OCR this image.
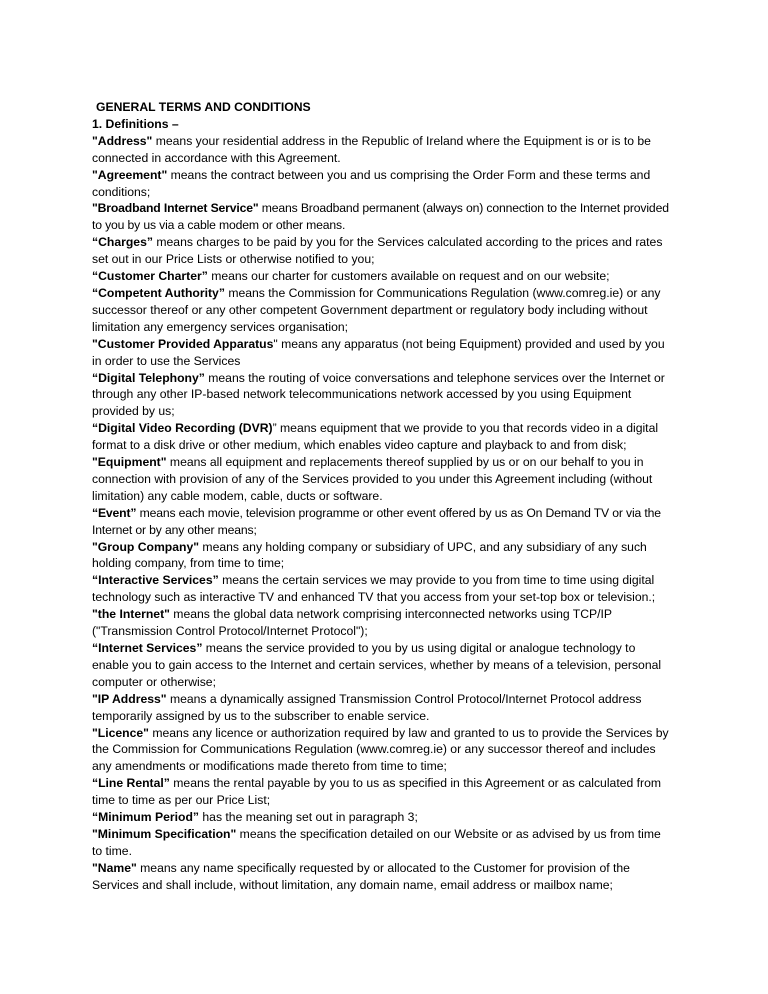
GENERAL TERMS AND CONDITIONS

1. Definitions –

"Address" means your residential address in the Republic of Ireland where the Equipment is or is to be connected in accordance with this Agreement.

"Agreement" means the contract between you and us comprising the Order Form and these terms and conditions;

"Broadband Internet Service" means Broadband permanent (always on) connection to the Internet provided to you by us via a cable modem or other means.

“Charges” means charges to be paid by you for the Services calculated according to the prices and rates set out in our Price Lists or otherwise notified to you;

“Customer Charter” means our charter for customers available on request and on our website;

“Competent Authority” means the Commission for Communications Regulation (www.comreg.ie) or any successor thereof or any other competent Government department or regulatory body including without limitation any emergency services organisation;

"Customer Provided Apparatus" means any apparatus (not being Equipment) provided and used by you in order to use the Services

“Digital Telephony” means the routing of voice conversations and telephone services over the Internet or through any other IP-based network telecommunications network accessed by you using Equipment provided by us;

“Digital Video Recording (DVR)” means equipment that we provide to you that records video in a digital format to a disk drive or other medium, which enables video capture and playback to and from disk;

"Equipment" means all equipment and replacements thereof supplied by us or on our behalf to you in connection with provision of any of the Services provided to you under this Agreement including (without limitation) any cable modem, cable, ducts or software.

“Event” means each movie, television programme or other event offered by us as On Demand TV or via the Internet or by any other means;

"Group Company" means any holding company or subsidiary of UPC, and any subsidiary of any such holding company, from time to time;

“Interactive Services” means the certain services we may provide to you from time to time using digital technology such as interactive TV and enhanced TV that you access from your set-top box or television.;

"the Internet" means the global data network comprising interconnected networks using TCP/IP ("Transmission Control Protocol/Internet Protocol");

“Internet Services” means the service provided to you by us using digital or analogue technology to enable you to gain access to the Internet and certain services, whether by means of a television, personal computer or otherwise;

"IP Address" means a dynamically assigned Transmission Control Protocol/Internet Protocol address temporarily assigned by us to the subscriber to enable service.

"Licence" means any licence or authorization required by law and granted to us to provide the Services by the Commission for Communications Regulation (www.comreg.ie) or any successor thereof and includes any amendments or modifications made thereto from time to time;

“Line Rental” means the rental payable by you to us as specified in this Agreement or as calculated from time to time as per our Price List;

“Minimum Period” has the meaning set out in paragraph 3;

"Minimum Specification" means the specification detailed on our Website or as advised by us from time to time.

"Name" means any name specifically requested by or allocated to the Customer for provision of the Services and shall include, without limitation, any domain name, email address or mailbox name;
